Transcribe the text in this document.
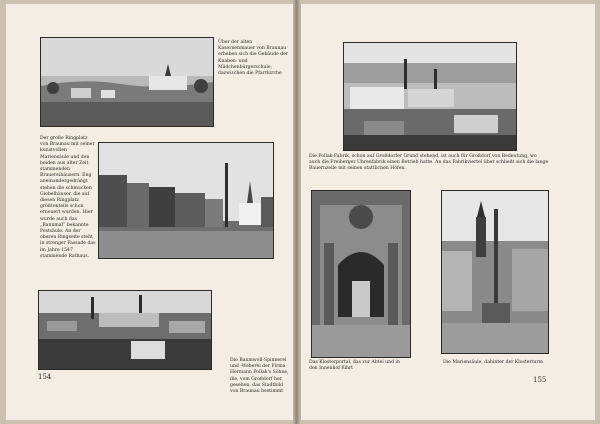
Über der alten Kasernenmauer von Braunau erheben sich die Gebäude der Knaben- und Mädchenbürgerschule, dazwischen die Pfarrkirche

Der große Ringplatz von Braunau mit seiner kunstvollen Mariensäule und den beiden aus alter Zeit stammenden Brauereihäusern. Eng aneinandergedrängt stehen die schmucken Giebelhäuser, die auf diesen Ringplatz größtenteils schon erneuert wurden. Hier wurde auch das „Bannmal“ bekannte Pestsäule. An der oberen Ringseite steht in strenger Fassade das im Jahre 1547 stammende Rathaus.

Die Baumwoll-Spinnerei und -Weberei der Firma Hermann Pollak's Söhne, die, vom Großdorf her gesehen, das Stadtbild von Braunau bestimmt

154

Die Pollak-Fabrik, schon auf Großdorfer Grund stehend, ist auch für Großdorf von Bedeutung, wo auch die Freiberger Uhrenfabrik einen Betrieb hatte. An das Fabrikviertel über schließt sich die lange Bauernzeile mit seinen stattlichen Höfen.

Das Klosterportal, das zur Abtei und in den Innenhof führt

Die Mariensäule, dahinter der Klosterturm

155
